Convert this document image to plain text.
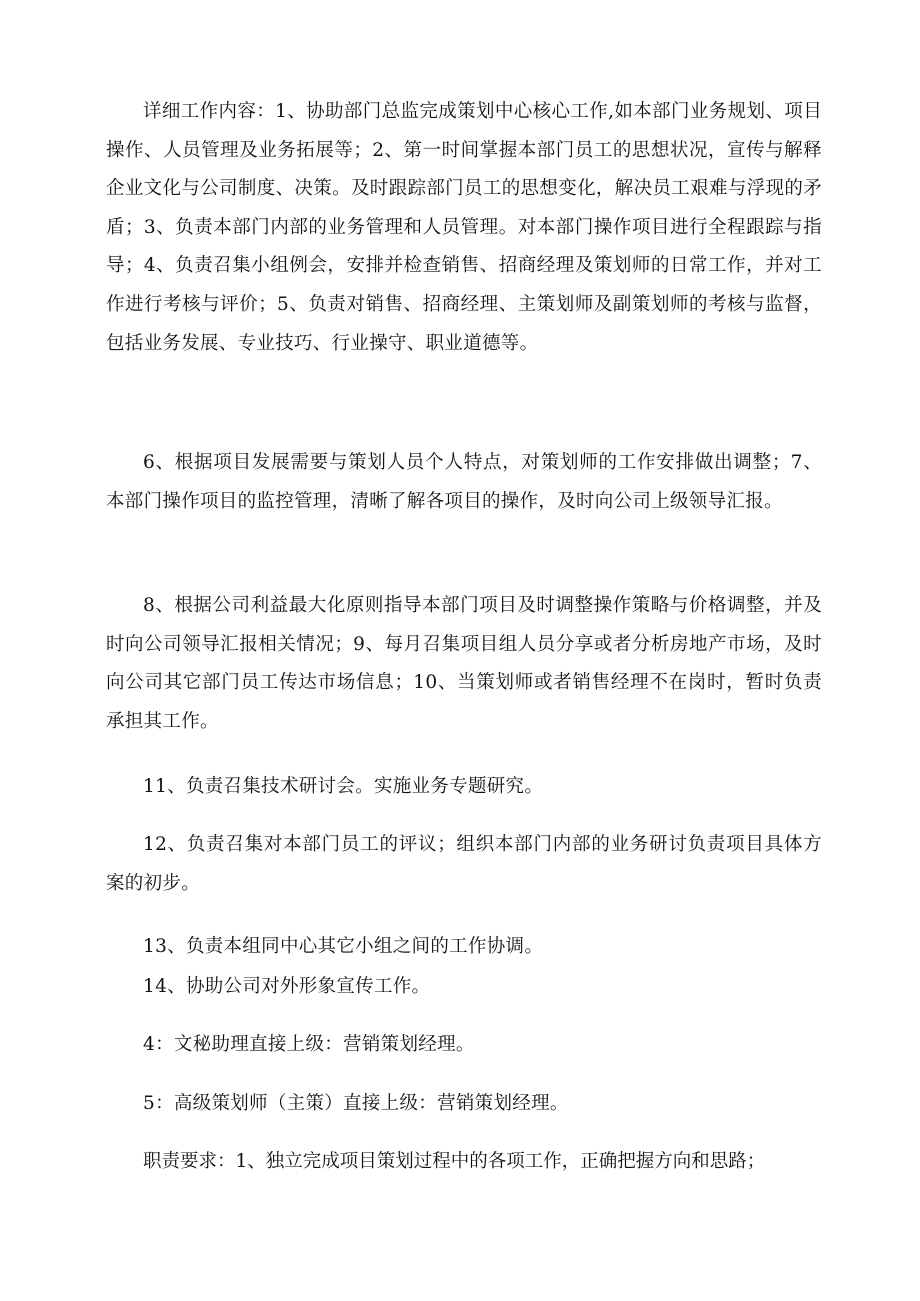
详细工作内容：1、协助部门总监完成策划中心核心工作,如本部门业务规划、项目操作、人员管理及业务拓展等；2、第一时间掌握本部门员工的思想状况，宣传与解释企业文化与公司制度、决策。及时跟踪部门员工的思想变化，解决员工艰难与浮现的矛盾；3、负责本部门内部的业务管理和人员管理。对本部门操作项目进行全程跟踪与指导；4、负责召集小组例会，安排并检查销售、招商经理及策划师的日常工作，并对工作进行考核与评价；5、负责对销售、招商经理、主策划师及副策划师的考核与监督，包括业务发展、专业技巧、行业操守、职业道德等。

6、根据项目发展需要与策划人员个人特点，对策划师的工作安排做出调整；7、本部门操作项目的监控管理，清晰了解各项目的操作，及时向公司上级领导汇报。

8、根据公司利益最大化原则指导本部门项目及时调整操作策略与价格调整，并及时向公司领导汇报相关情况；9、每月召集项目组人员分享或者分析房地产市场，及时向公司其它部门员工传达市场信息；10、当策划师或者销售经理不在岗时，暂时负责承担其工作。

11、负责召集技术研讨会。实施业务专题研究。

12、负责召集对本部门员工的评议；组织本部门内部的业务研讨负责项目具体方案的初步。

13、负责本组同中心其它小组之间的工作协调。

14、协助公司对外形象宣传工作。

4：文秘助理直接上级：营销策划经理。

5：高级策划师（主策）直接上级：营销策划经理。

职责要求：1、独立完成项目策划过程中的各项工作，正确把握方向和思路；
